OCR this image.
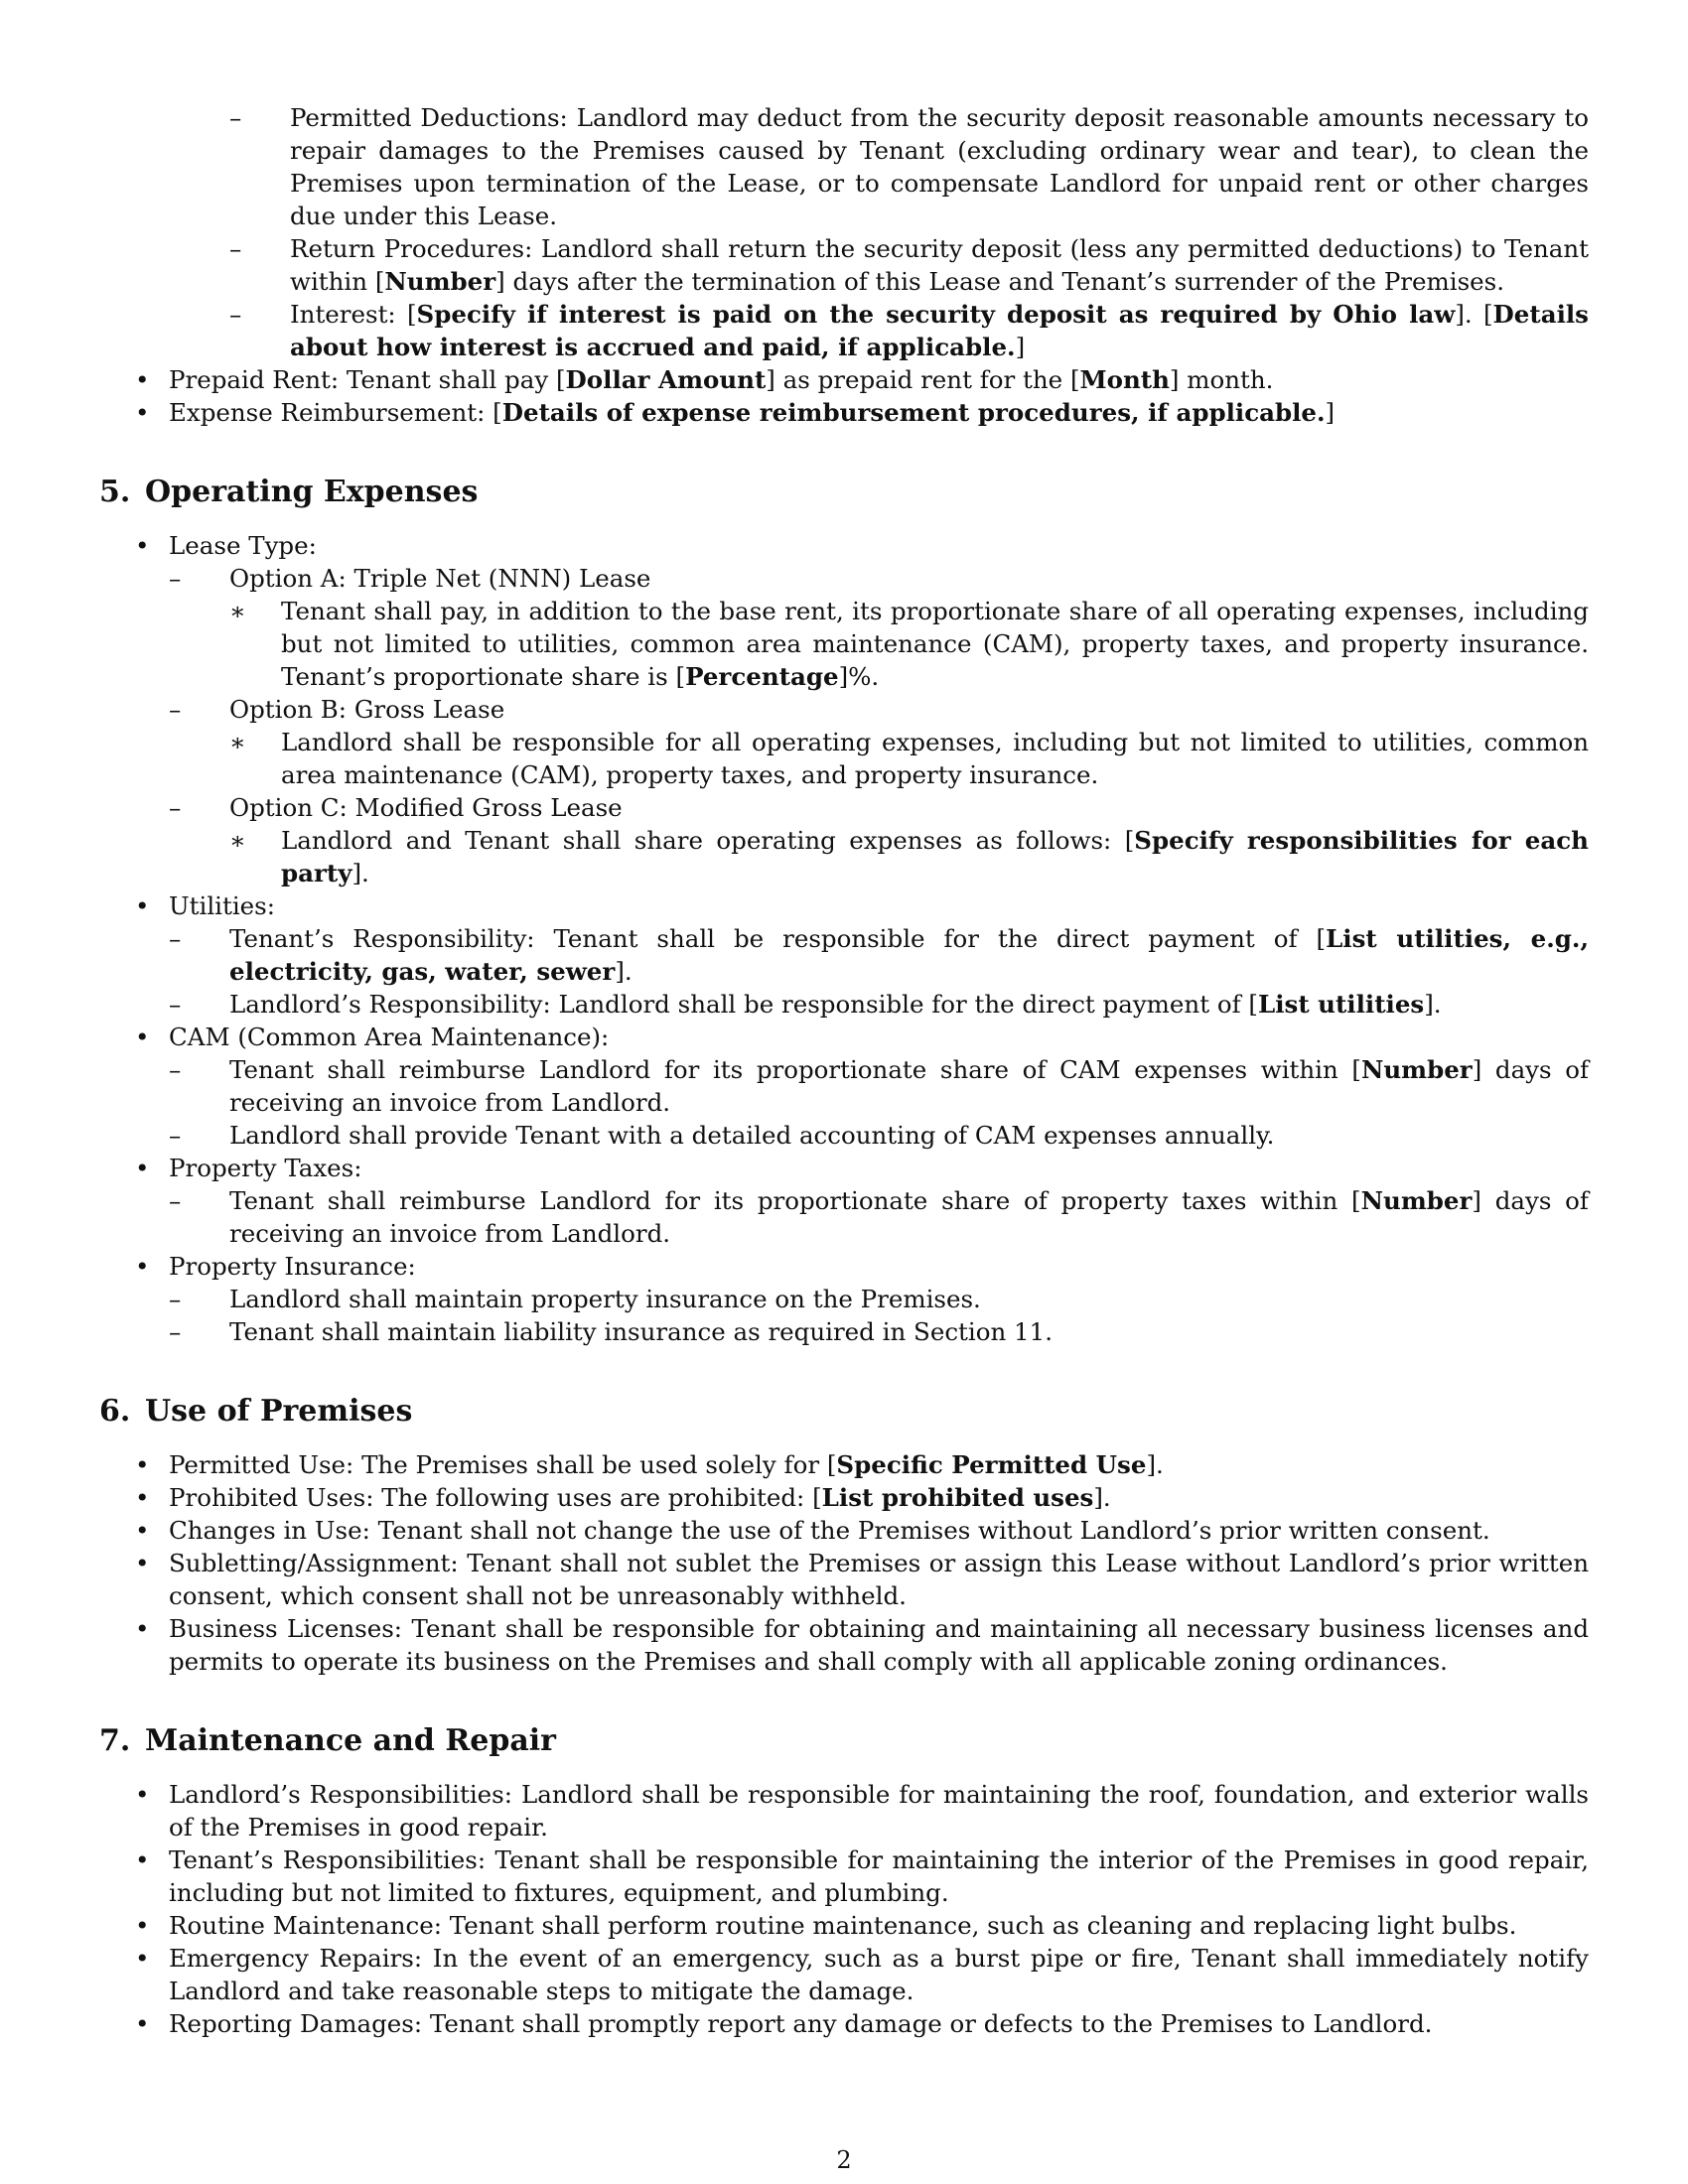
– Permitted Deductions: Landlord may deduct from the security deposit reasonable amounts necessary to repair damages to the Premises caused by Tenant (excluding ordinary wear and tear), to clean the Premises upon termination of the Lease, or to compensate Landlord for unpaid rent or other charges due under this Lease.
– Return Procedures: Landlord shall return the security deposit (less any permitted deductions) to Tenant within [Number] days after the termination of this Lease and Tenant’s surrender of the Premises.
– Interest: [Specify if interest is paid on the security deposit as required by Ohio law]. [Details about how interest is accrued and paid, if applicable.]
• Prepaid Rent: Tenant shall pay [Dollar Amount] as prepaid rent for the [Month] month.
• Expense Reimbursement: [Details of expense reimbursement procedures, if applicable.]
5. Operating Expenses
• Lease Type:
– Option A: Triple Net (NNN) Lease
∗ Tenant shall pay, in addition to the base rent, its proportionate share of all operating expenses, including but not limited to utilities, common area maintenance (CAM), property taxes, and property insurance. Tenant’s proportionate share is [Percentage]%.
– Option B: Gross Lease
∗ Landlord shall be responsible for all operating expenses, including but not limited to utilities, common area maintenance (CAM), property taxes, and property insurance.
– Option C: Modified Gross Lease
∗ Landlord and Tenant shall share operating expenses as follows: [Specify responsibilities for each party].
• Utilities:
– Tenant’s Responsibility: Tenant shall be responsible for the direct payment of [List utilities, e.g., electricity, gas, water, sewer].
– Landlord’s Responsibility: Landlord shall be responsible for the direct payment of [List utilities].
• CAM (Common Area Maintenance):
– Tenant shall reimburse Landlord for its proportionate share of CAM expenses within [Number] days of receiving an invoice from Landlord.
– Landlord shall provide Tenant with a detailed accounting of CAM expenses annually.
• Property Taxes:
– Tenant shall reimburse Landlord for its proportionate share of property taxes within [Number] days of receiving an invoice from Landlord.
• Property Insurance:
– Landlord shall maintain property insurance on the Premises.
– Tenant shall maintain liability insurance as required in Section 11.
6. Use of Premises
• Permitted Use: The Premises shall be used solely for [Specific Permitted Use].
• Prohibited Uses: The following uses are prohibited: [List prohibited uses].
• Changes in Use: Tenant shall not change the use of the Premises without Landlord’s prior written consent.
• Subletting/Assignment: Tenant shall not sublet the Premises or assign this Lease without Landlord’s prior written consent, which consent shall not be unreasonably withheld.
• Business Licenses: Tenant shall be responsible for obtaining and maintaining all necessary business licenses and permits to operate its business on the Premises and shall comply with all applicable zoning ordinances.
7. Maintenance and Repair
• Landlord’s Responsibilities: Landlord shall be responsible for maintaining the roof, foundation, and exterior walls of the Premises in good repair.
• Tenant’s Responsibilities: Tenant shall be responsible for maintaining the interior of the Premises in good repair, including but not limited to fixtures, equipment, and plumbing.
• Routine Maintenance: Tenant shall perform routine maintenance, such as cleaning and replacing light bulbs.
• Emergency Repairs: In the event of an emergency, such as a burst pipe or fire, Tenant shall immediately notify Landlord and take reasonable steps to mitigate the damage.
• Reporting Damages: Tenant shall promptly report any damage or defects to the Premises to Landlord.
2
